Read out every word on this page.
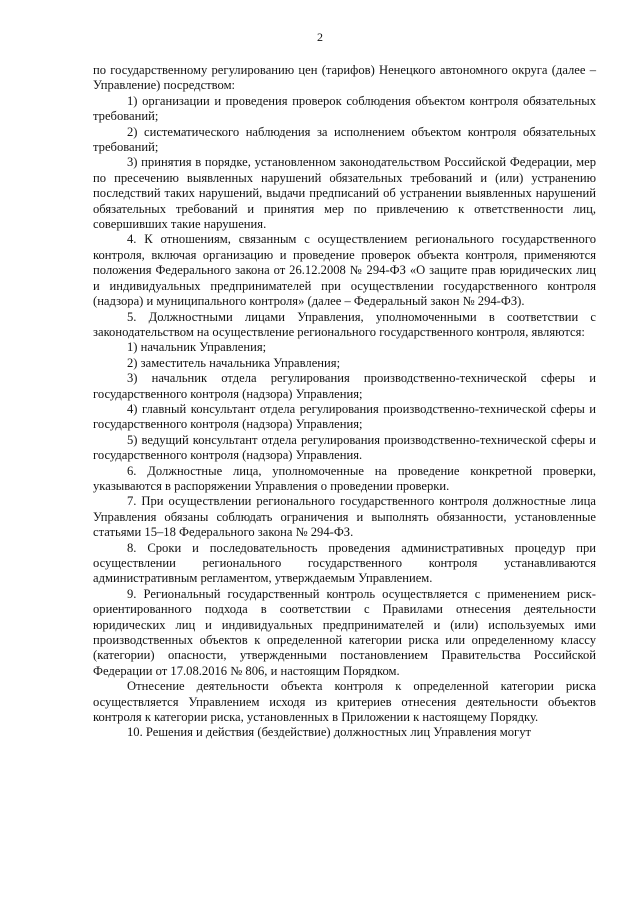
2

по государственному регулированию цен (тарифов) Ненецкого автономного округа (далее – Управление) посредством:

1) организации и проведения проверок соблюдения объектом контроля обязательных требований;

2) систематического наблюдения за исполнением объектом контроля обязательных требований;

3) принятия в порядке, установленном законодательством Российской Федерации, мер по пресечению выявленных нарушений обязательных требований и (или) устранению последствий таких нарушений, выдачи предписаний об устранении выявленных нарушений обязательных требований и принятия мер по привлечению к ответственности лиц, совершивших такие нарушения.

4. К отношениям, связанным с осуществлением регионального государственного контроля, включая организацию и проведение проверок объекта контроля, применяются положения Федерального закона от 26.12.2008 № 294-ФЗ «О защите прав юридических лиц и индивидуальных предпринимателей при осуществлении государственного контроля (надзора) и муниципального контроля» (далее – Федеральный закон № 294-ФЗ).

5. Должностными лицами Управления, уполномоченными в соответствии с законодательством на осуществление регионального государственного контроля, являются:

1) начальник Управления;

2) заместитель начальника Управления;

3) начальник отдела регулирования производственно-технической сферы и государственного контроля (надзора) Управления;

4) главный консультант отдела регулирования производственно-технической сферы и государственного контроля (надзора) Управления;

5) ведущий консультант отдела регулирования производственно-технической сферы и государственного контроля (надзора) Управления.

6. Должностные лица, уполномоченные на проведение конкретной проверки, указываются в распоряжении Управления о проведении проверки.

7. При осуществлении регионального государственного контроля должностные лица Управления обязаны соблюдать ограничения и выполнять обязанности, установленные статьями 15–18 Федерального закона № 294-ФЗ.

8. Сроки и последовательность проведения административных процедур при осуществлении регионального государственного контроля устанавливаются административным регламентом, утверждаемым Управлением.

9. Региональный государственный контроль осуществляется с применением риск-ориентированного подхода в соответствии с Правилами отнесения деятельности юридических лиц и индивидуальных предпринимателей и (или) используемых ими производственных объектов к определенной категории риска или определенному классу (категории) опасности, утвержденными постановлением Правительства Российской Федерации от 17.08.2016 № 806, и настоящим Порядком.

Отнесение деятельности объекта контроля к определенной категории риска осуществляется Управлением исходя из критериев отнесения деятельности объектов контроля к категории риска, установленных в Приложении к настоящему Порядку.

10. Решения и действия (бездействие) должностных лиц Управления могут
